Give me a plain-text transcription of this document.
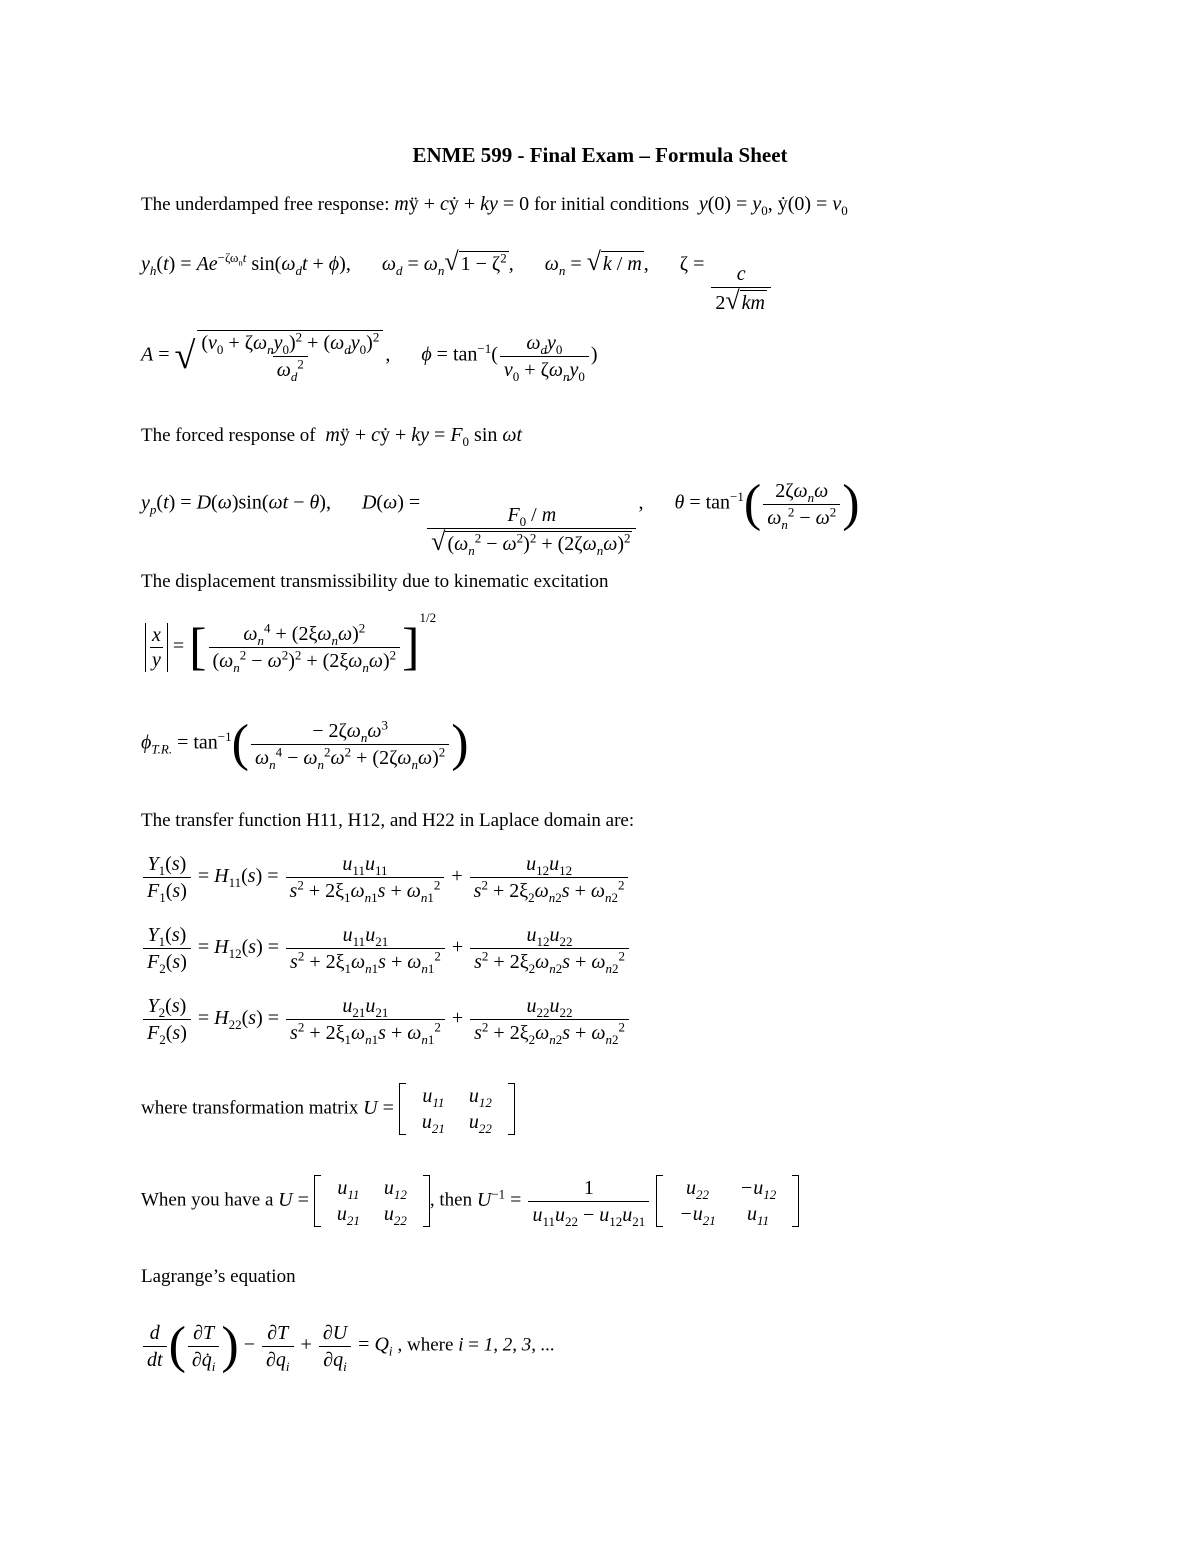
ENME 599 - Final Exam – Formula Sheet
The underdamped free response: mÿ + cẏ + ky = 0 for initial conditions $y(0) = y_0$, ẏ(0) = $v_0$
$y_h(t) = Ae^{-\zeta\omega_nt}$ $\sin(\omega_dt + \phi)$, $\omega_d = \omega_n√$ $1 - \zeta^2$ , $\omega_n$ = √ k / m , $\zeta = \frac{c}{2√ km}$
A = √ $\frac{(v_0 + \zeta\omega_ny_0)^2 + (\omega_dy_0)^2}{\omega_d^2}$ , $\phi = \tan^{-1}( \frac{\omega_dy_0}{v_0 + \zeta\omega_ny_0}$ )
The forced response of mÿ + cẏ + ky = $F_0$ sin ωt
$y_p(t) = D(\omega)\sin(\omega t - \theta)$, $D(\omega) = \frac{F_0 / m}{√ (\omega_n^2 - \omega^2)^2 + (2\zeta\omega_n\omega)^2}$ , $\theta = \tan^{-1}( \frac{2\zeta\omega_n\omega}{\omega_n^2 - \omega^2}$ )
The displacement transmissibility due to kinematic excitation
$\frac{x}{y}$ = [ $\frac{\omega_n^4 + (2\xi\omega_n\omega)^2}{(\omega_n^2 - \omega^2)^2 + (2\xi\omega_n\omega)^2} ]^{1/2}$
$\phi_{T.R.} = \tan^{-1}( \frac{- 2\zeta\omega_n\omega^3}{\omega_n^4 - \omega_n^2\omega^2 + (2\zeta\omega_n\omega)^2}$ )
The transfer function H11, H12, and H22 in Laplace domain are:
$\frac{Y_1(s)}{F_1(s)} = H_{11}(s) = \frac{u_{11}u_{11}}{s^2 + 2\xi_1\omega_{n1}s + \omega_{n1}^2} + \frac{u_{12}u_{12}}{s^2 + 2\xi_2\omega_{n2}s + \omega_{n2}^2}$
$\frac{Y_1(s)}{F_2(s)} = H_{12}(s) = \frac{u_{11}u_{21}}{s^2 + 2\xi_1\omega_{n1}s + \omega_{n1}^2} + \frac{u_{12}u_{22}}{s^2 + 2\xi_2\omega_{n2}s + \omega_{n2}^2}$
$\frac{Y_2(s)}{F_2(s)} = H_{22}(s) = \frac{u_{21}u_{21}}{s^2 + 2\xi_1\omega_{n1}s + \omega_{n1}^2} + \frac{u_{22}u_{22}}{s^2 + 2\xi_2\omega_{n2}s + \omega_{n2}^2}$
where transformation matrix U =
$u_{11}$	$u_{12}$
$u_{21}$	$u_{22}$
When you have a U =
$u_{11}$	$u_{12}$
$u_{21}$	$u_{22}$
, then $U^{-1} = \frac{1}{u_{11}u_{22} - u_{12}u_{21}}$
$u_{22}$	$-u_{12}$
$-u_{21}$	$u_{11}$
Lagrange’s equation
$\frac{d}{dt}$ ( $\frac{\partial T}{\partial q̇_i}$ ) − $\frac{\partial T}{\partial q_i} + \frac{\partial U}{\partial q_i} = Q_i$ , where i = 1, 2, 3, ...
